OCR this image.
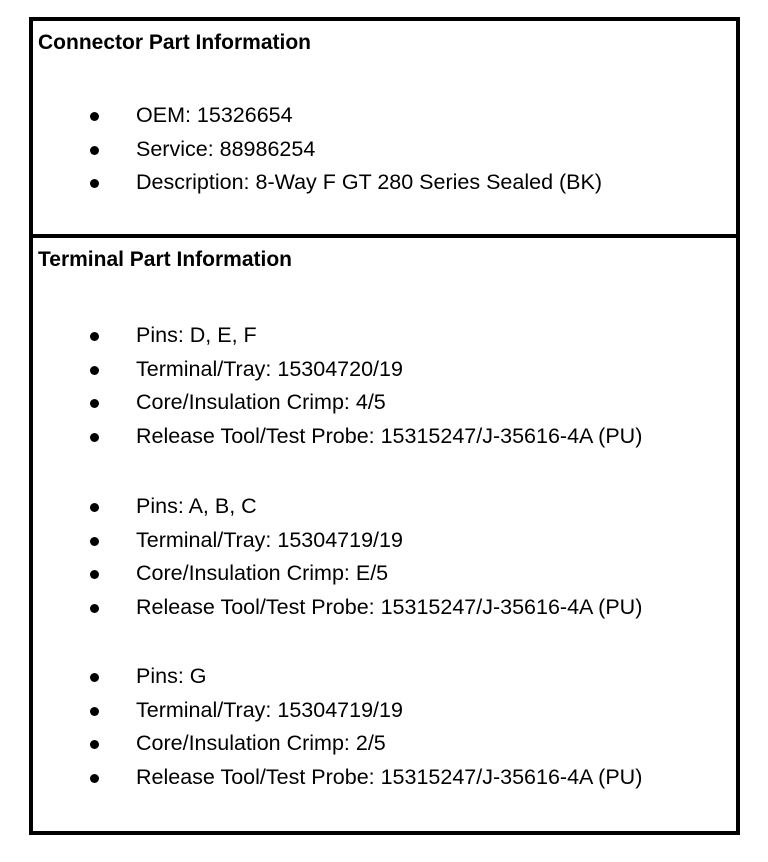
Connector Part Information
OEM: 15326654
Service: 88986254
Description: 8-Way F GT 280 Series Sealed (BK)
Terminal Part Information
Pins: D, E, F
Terminal/Tray: 15304720/19
Core/Insulation Crimp: 4/5
Release Tool/Test Probe: 15315247/J-35616-4A (PU)
Pins: A, B, C
Terminal/Tray: 15304719/19
Core/Insulation Crimp: E/5
Release Tool/Test Probe: 15315247/J-35616-4A (PU)
Pins: G
Terminal/Tray: 15304719/19
Core/Insulation Crimp: 2/5
Release Tool/Test Probe: 15315247/J-35616-4A (PU)
